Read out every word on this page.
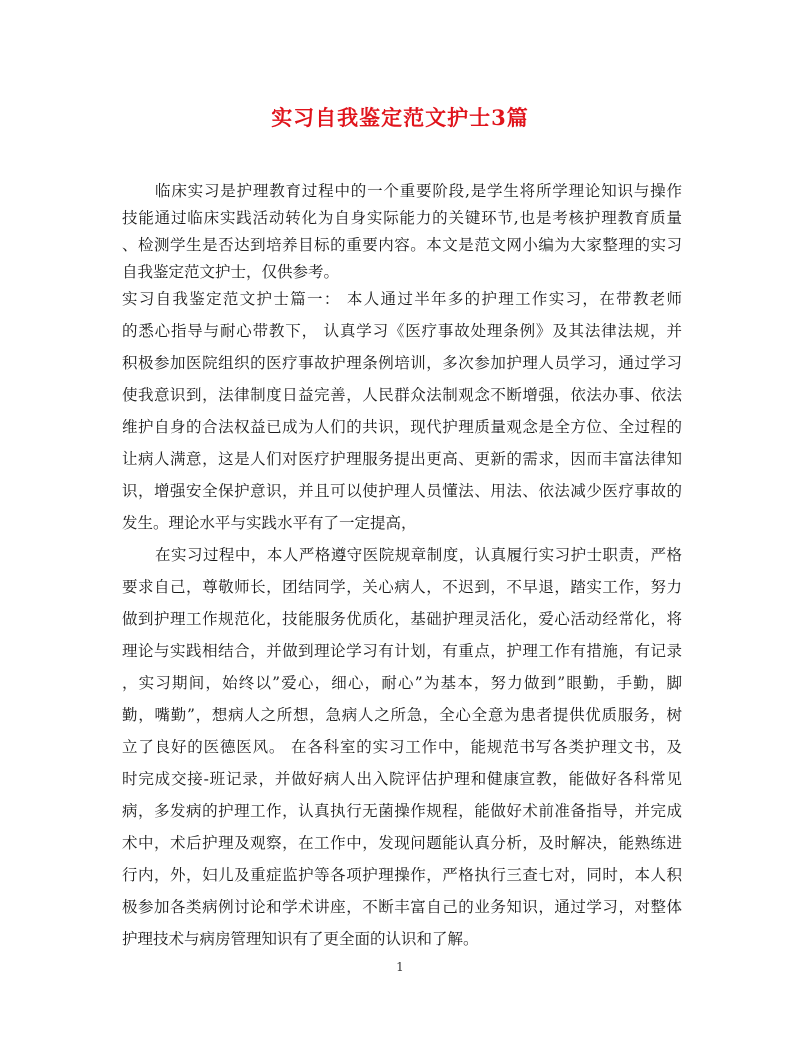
实习自我鉴定范文护士3篇
临床实习是护理教育过程中的一个重要阶段,是学生将所学理论知识与操作
技能通过临床实践活动转化为自身实际能力的关键环节,也是考核护理教育质量
、检测学生是否达到培养目标的重要内容。本文是范文网小编为大家整理的实习
自我鉴定范文护士，仅供参考。
实习自我鉴定范文护士篇一： 本人通过半年多的护理工作实习，在带教老师
的悉心指导与耐心带教下， 认真学习《医疗事故处理条例》及其法律法规，并
积极参加医院组织的医疗事故护理条例培训，多次参加护理人员学习，通过学习
使我意识到，法律制度日益完善，人民群众法制观念不断增强，依法办事、依法
维护自身的合法权益已成为人们的共识，现代护理质量观念是全方位、全过程的
让病人满意，这是人们对医疗护理服务提出更高、更新的需求，因而丰富法律知
识，增强安全保护意识，并且可以使护理人员懂法、用法、依法减少医疗事故的
发生。理论水平与实践水平有了一定提高，
在实习过程中，本人严格遵守医院规章制度，认真履行实习护士职责，严格
要求自己，尊敬师长，团结同学，关心病人，不迟到，不早退，踏实工作，努力
做到护理工作规范化，技能服务优质化，基础护理灵活化，爱心活动经常化，将
理论与实践相结合，并做到理论学习有计划，有重点，护理工作有措施，有记录
，实习期间，始终以”爱心，细心，耐心”为基本，努力做到”眼勤，手勤，脚
勤，嘴勤”，想病人之所想，急病人之所急，全心全意为患者提供优质服务，树
立了良好的医德医风。 在各科室的实习工作中，能规范书写各类护理文书，及
时完成交接-班记录，并做好病人出入院评估护理和健康宣教，能做好各科常见
病，多发病的护理工作，认真执行无菌操作规程，能做好术前准备指导，并完成
术中，术后护理及观察，在工作中，发现问题能认真分析，及时解决，能熟练进
行内，外，妇儿及重症监护等各项护理操作，严格执行三查七对，同时，本人积
极参加各类病例讨论和学术讲座，不断丰富自己的业务知识，通过学习，对整体
护理技术与病房管理知识有了更全面的认识和了解。
1
